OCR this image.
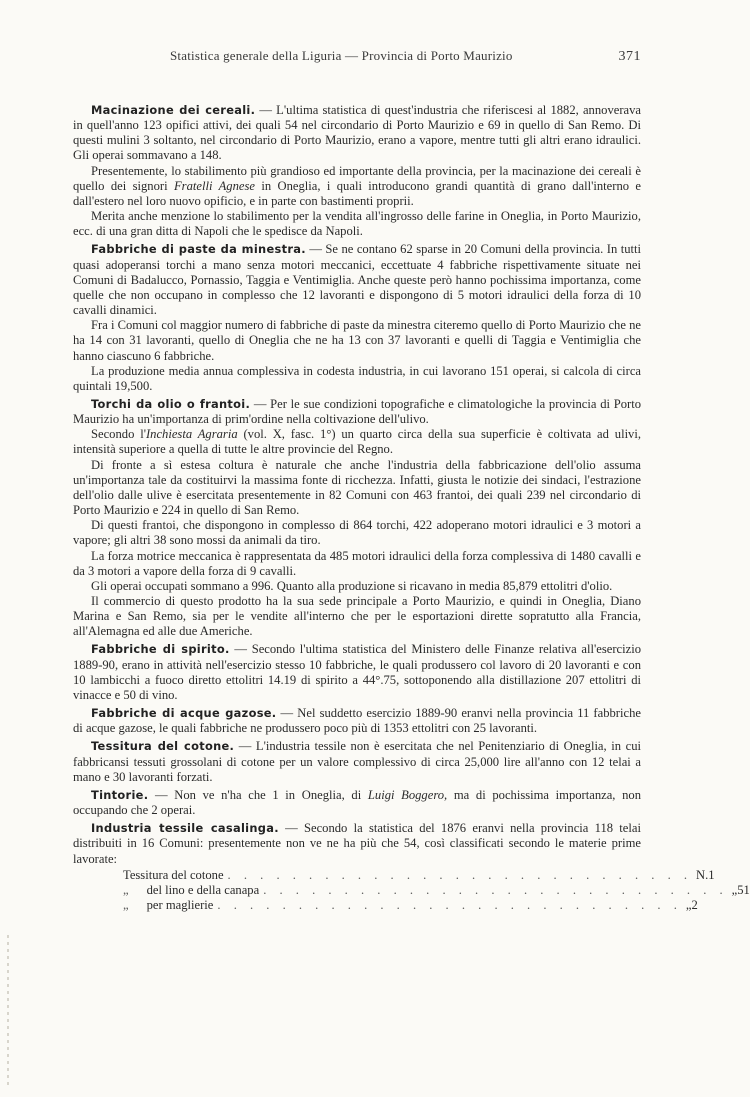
Statistica generale della Liguria — Provincia di Porto Maurizio	371

Macinazione dei cereali. — L'ultima statistica di quest'industria che riferiscesi al 1882, annoverava in quell'anno 123 opifici attivi, dei quali 54 nel circondario di Porto Maurizio e 69 in quello di San Remo. Di questi mulini 3 soltanto, nel circondario di Porto Maurizio, erano a vapore, mentre tutti gli altri erano idraulici. Gli operai sommavano a 148.

Presentemente, lo stabilimento più grandioso ed importante della provincia, per la macinazione dei cereali è quello dei signori Fratelli Agnese in Oneglia, i quali introducono grandi quantità di grano dall'interno e dall'estero nel loro nuovo opificio, e in parte con bastimenti proprii.

Merita anche menzione lo stabilimento per la vendita all'ingrosso delle farine in Oneglia, in Porto Maurizio, ecc. di una gran ditta di Napoli che le spedisce da Napoli.

Fabbriche di paste da minestra. — Se ne contano 62 sparse in 20 Comuni della provincia. In tutti quasi adoperansi torchi a mano senza motori meccanici, eccettuate 4 fabbriche rispettivamente situate nei Comuni di Badalucco, Pornassio, Taggia e Ventimiglia. Anche queste però hanno pochissima importanza, come quelle che non occupano in complesso che 12 lavoranti e dispongono di 5 motori idraulici della forza di 10 cavalli dinamici.

Fra i Comuni col maggior numero di fabbriche di paste da minestra citeremo quello di Porto Maurizio che ne ha 14 con 31 lavoranti, quello di Oneglia che ne ha 13 con 37 lavoranti e quelli di Taggia e Ventimiglia che hanno ciascuno 6 fabbriche.

La produzione media annua complessiva in codesta industria, in cui lavorano 151 operai, si calcola di circa quintali 19,500.

Torchi da olio o frantoi. — Per le sue condizioni topografiche e climatologiche la provincia di Porto Maurizio ha un'importanza di prim'ordine nella coltivazione dell'ulivo.

Secondo l'Inchiesta Agraria (vol. X, fasc. 1°) un quarto circa della sua superficie è coltivata ad ulivi, intensità superiore a quella di tutte le altre provincie del Regno.

Di fronte a sì estesa coltura è naturale che anche l'industria della fabbricazione dell'olio assuma un'importanza tale da costituirvi la massima fonte di ricchezza. Infatti, giusta le notizie dei sindaci, l'estrazione dell'olio dalle ulive è esercitata presentemente in 82 Comuni con 463 frantoi, dei quali 239 nel circondario di Porto Maurizio e 224 in quello di San Remo.

Di questi frantoi, che dispongono in complesso di 864 torchi, 422 adoperano motori idraulici e 3 motori a vapore; gli altri 38 sono mossi da animali da tiro.

La forza motrice meccanica è rappresentata da 485 motori idraulici della forza complessiva di 1480 cavalli e da 3 motori a vapore della forza di 9 cavalli.

Gli operai occupati sommano a 996. Quanto alla produzione si ricavano in media 85,879 ettolitri d'olio.

Il commercio di questo prodotto ha la sua sede principale a Porto Maurizio, e quindi in Oneglia, Diano Marina e San Remo, sia per le vendite all'interno che per le esportazioni dirette sopratutto alla Francia, all'Alemagna ed alle due Americhe.

Fabbriche di spirito. — Secondo l'ultima statistica del Ministero delle Finanze relativa all'esercizio 1889-90, erano in attività nell'esercizio stesso 10 fabbriche, le quali produssero col lavoro di 20 lavoranti e con 10 lambicchi a fuoco diretto ettolitri 14.19 di spirito a 44°.75, sottoponendo alla distillazione 207 ettolitri di vinacce e 50 di vino.

Fabbriche di acque gazose. — Nel suddetto esercizio 1889-90 eranvi nella provincia 11 fabbriche di acque gazose, le quali fabbriche ne produssero poco più di 1353 ettolitri con 25 lavoranti.

Tessitura del cotone. — L'industria tessile non è esercitata che nel Penitenziario di Oneglia, in cui fabbricansi tessuti grossolani di cotone per un valore complessivo di circa 25,000 lire all'anno con 12 telai a mano e 30 lavoranti forzati.

Tintorie. — Non ve n'ha che 1 in Oneglia, di Luigi Boggero, ma di pochissima importanza, non occupando che 2 operai.

Industria tessile casalinga. — Secondo la statistica del 1876 eranvi nella provincia 118 telai distribuiti in 16 Comuni: presentemente non ve ne ha più che 54, così classificati secondo le materie prime lavorate:

Tessitura del cotone . . . . . . . . . . . . . . . . . . . . . . . . . . . . . N. 1
„ del lino e della canapa . . . . . . . . . . . . . . . . . . . . . . . . . . . . . „ 51
„ per maglierie . . . . . . . . . . . . . . . . . . . . . . . . . . . . . „ 2
